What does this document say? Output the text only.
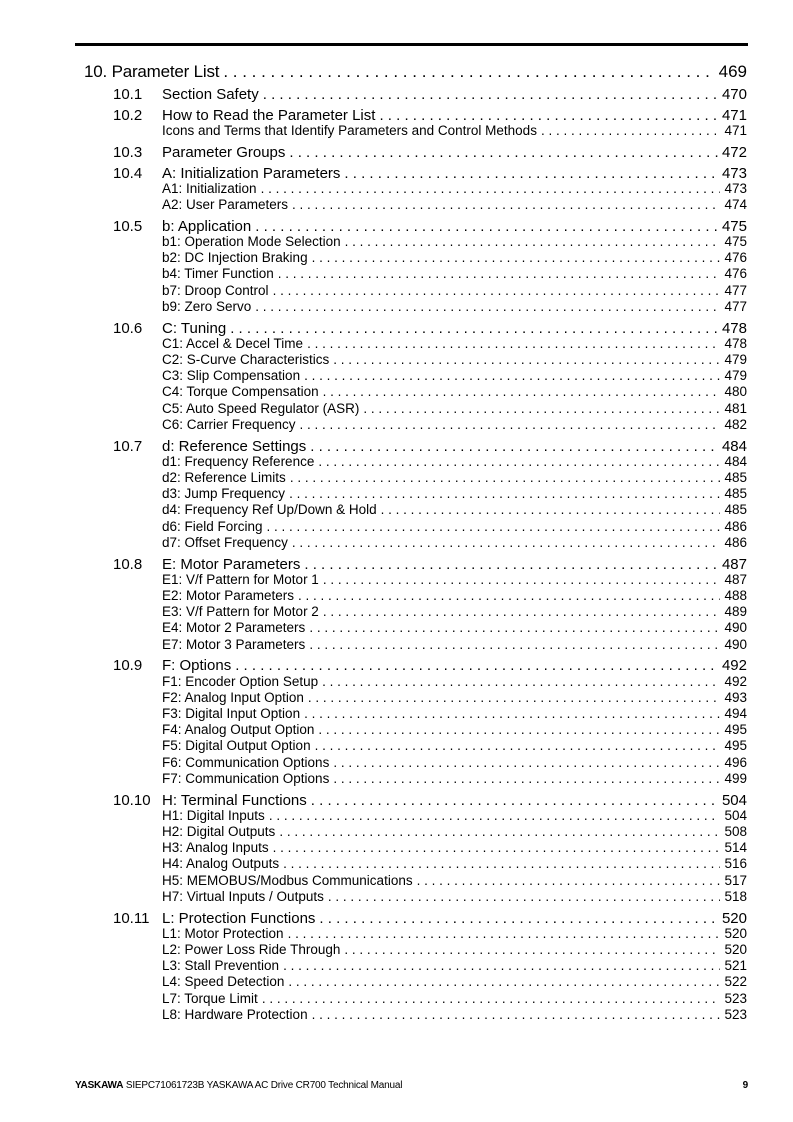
10. Parameter List . . .	469
10.1 Section Safety . . .	470
10.2 How to Read the Parameter List . . .	471
Icons and Terms that Identify Parameters and Control Methods . . .	471
10.3 Parameter Groups . . .	472
10.4 A: Initialization Parameters . . .	473
A1: Initialization . . .	473
A2: User Parameters . . .	474
10.5 b: Application . . .	475
b1: Operation Mode Selection . . .	475
b2: DC Injection Braking . . .	476
b4: Timer Function . . .	476
b7: Droop Control . . .	477
b9: Zero Servo . . .	477
10.6 C: Tuning . . .	478
C1: Accel & Decel Time . . .	478
C2: S-Curve Characteristics . . .	479
C3: Slip Compensation . . .	479
C4: Torque Compensation . . .	480
C5: Auto Speed Regulator (ASR) . . .	481
C6: Carrier Frequency . . .	482
10.7 d: Reference Settings . . .	484
d1: Frequency Reference . . .	484
d2: Reference Limits . . .	485
d3: Jump Frequency . . .	485
d4: Frequency Ref Up/Down & Hold . . .	485
d6: Field Forcing . . .	486
d7: Offset Frequency . . .	486
10.8 E: Motor Parameters . . .	487
E1: V/f Pattern for Motor 1 . . .	487
E2: Motor Parameters . . .	488
E3: V/f Pattern for Motor 2 . . .	489
E4: Motor 2 Parameters . . .	490
E7: Motor 3 Parameters . . .	490
10.9 F: Options . . .	492
F1: Encoder Option Setup . . .	492
F2: Analog Input Option . . .	493
F3: Digital Input Option . . .	494
F4: Analog Output Option . . .	495
F5: Digital Output Option . . .	495
F6: Communication Options . . .	496
F7: Communication Options . . .	499
10.10 H: Terminal Functions . . .	504
H1: Digital Inputs . . .	504
H2: Digital Outputs . . .	508
H3: Analog Inputs . . .	514
H4: Analog Outputs . . .	516
H5: MEMOBUS/Modbus Communications . . .	517
H7: Virtual Inputs / Outputs . . .	518
10.11 L: Protection Functions . . .	520
L1: Motor Protection . . .	520
L2: Power Loss Ride Through . . .	520
L3: Stall Prevention . . .	521
L4: Speed Detection . . .	522
L7: Torque Limit . . .	523
L8: Hardware Protection . . .	523
YASKAWA SIEPC71061723B YASKAWA AC Drive CR700 Technical Manual	9
